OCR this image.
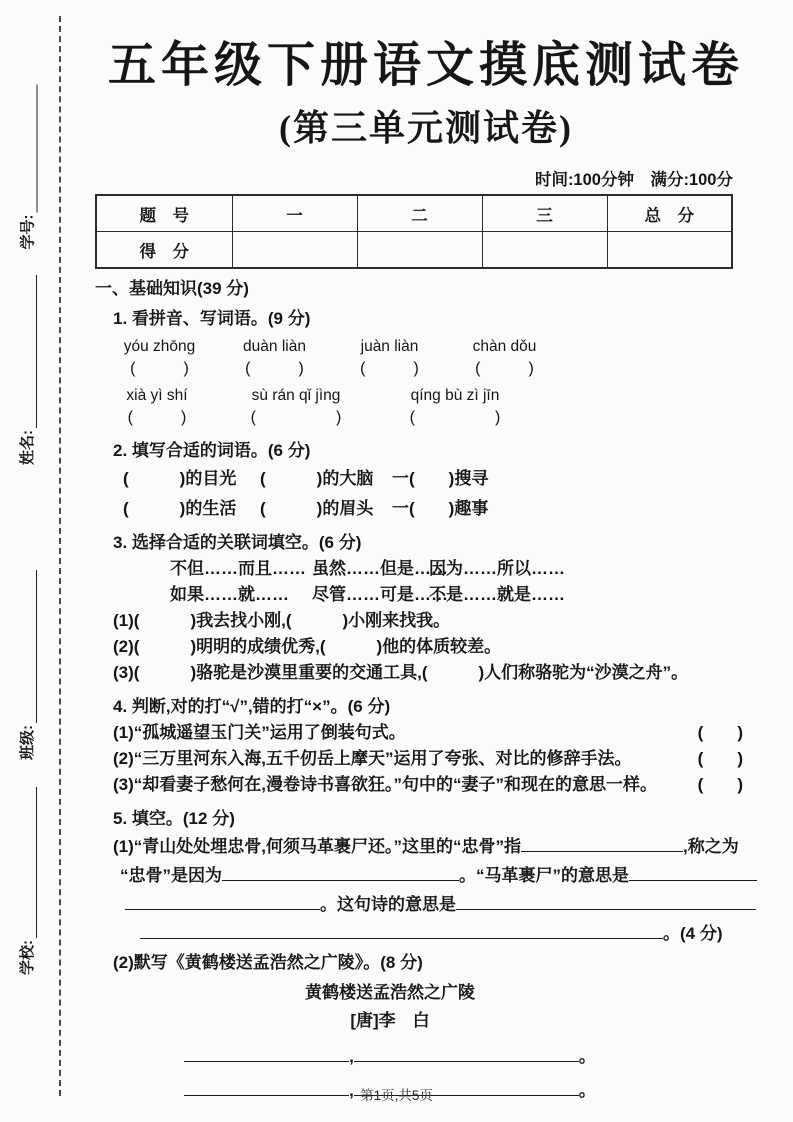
学号:
姓名:
班级:
学校:
五年级下册语文摸底测试卷
(第三单元测试卷)
时间:100分钟　满分:100分
题　号	一	二	三	总　分
得　分				
一、基础知识(39 分)
1. 看拼音、写词语。(9 分)
yóu zhōng
(　　　)
duàn liàn
(　　　)
juàn liàn
(　　　)
chàn dǒu
(　　　)
xià yì shí
(　　　)
sù rán qǐ jìng
(　　　　　)
qíng bù zì jīn
(　　　　　)
2. 填写合适的词语。(6 分)
(　　　)的目光	(　　　)的大脑	一(　　)搜寻
(　　　)的生活	(　　　)的眉头	一(　　)趣事
3. 选择合适的关联词填空。(6 分)
不但……而且…… 虽然……但是……
因为……所以……
如果……就……	尽管……可是……
不是……就是……
(1)(　　　)我去找小刚,(　　　)小刚来找我。
(2)(　　　)明明的成绩优秀,(　　　)他的体质较差。
(3)(　　　)骆驼是沙漠里重要的交通工具,(　　　)人们称骆驼为“沙漠之舟”。
4. 判断,对的打“√”,错的打“×”。(6 分)
(1)“孤城遥望玉门关”运用了倒装句式。	(　　)
(2)“三万里河东入海,五千仞岳上摩天”运用了夸张、对比的修辞手法。	(　　)
(3)“却看妻子愁何在,漫卷诗书喜欲狂。”句中的“妻子”和现在的意思一样。 (　　)
5. 填空。(12 分)
(1)“青山处处埋忠骨,何须马革裹尸还。”这里的“忠骨”指	,称之为
“忠骨”是因为	。“马革裹尸”的意思是
。这句诗的意思是
。(4 分)
(2)默写《黄鹤楼送孟浩然之广陵》。(8 分)
黄鹤楼送孟浩然之广陵
[唐]李　白
,	。
,	。
第1页,共5页
